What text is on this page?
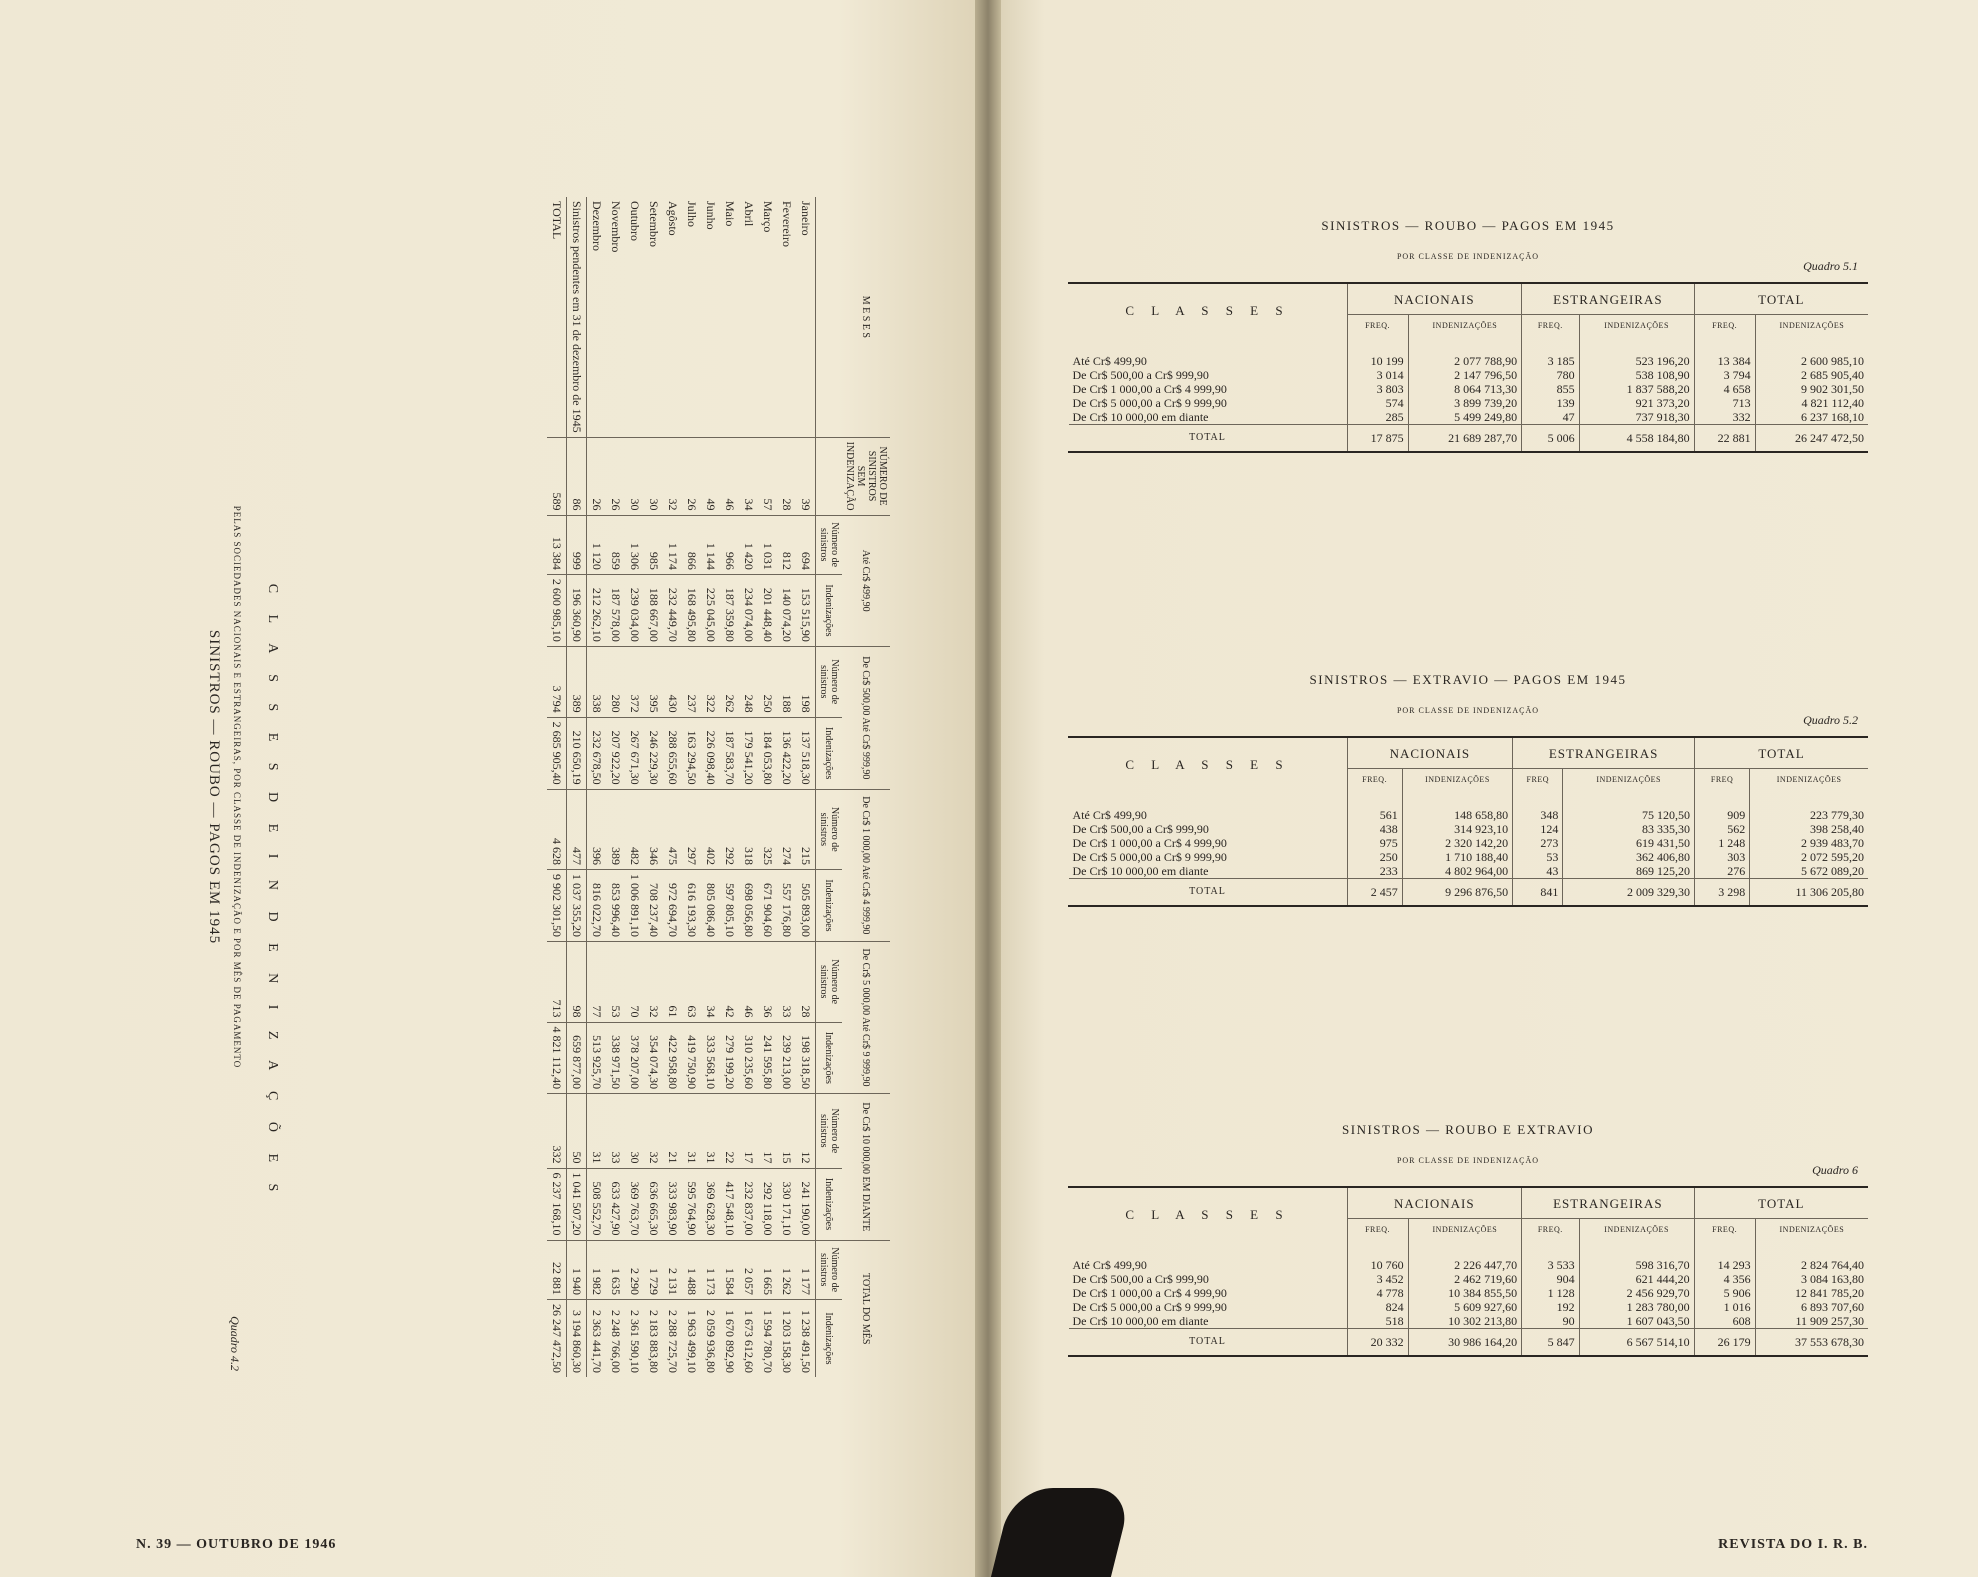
SINISTROS — ROUBO — PAGOS EM 1945 PELAS SOCIEDADES NACIONAIS E ESTRANGEIRAS, POR CLASSE DE INDENIZAÇÃO E POR MÊS DE PAGAMENTO
Quadro 4.2
C L A S S E S D E I N D E N I Z A Ç Õ E S
M E S E S	NÚMERO DE SINISTROS SEM INDENIZAÇÃO	Até Cr$ 499,90		De Cr$ 500,00 Até Cr$ 999,90		De Cr$ 1 000,00 Até Cr$ 4 999,90		De Cr$ 5 000,00 Até Cr$ 9 999,90		De Cr$ 10 000,00 EM DIANTE		TOTAL DO MÊS	
		Número de sinistros	Indenizações	Número de sinistros	Indenizações	Número de sinistros	Indenizações	Número de sinistros	Indenizações	Número de sinistros	Indenizações	Número de sinistros	Indenizações
Janeiro	39	694	153 515,90	198	137 518,30	215	505 893,00	28	198 318,50	12	241 190,00	1 177	1 238 491,50
Fevereiro	28	812	140 074,20	188	136 422,20	274	557 176,80	33	239 213,00	15	330 171,10	1 262	1 203 158,30
Março	57	1 031	201 448,40	250	184 053,80	325	671 904,60	36	241 595,80	17	292 118,00	1 665	1 594 780,70
Abril	34	1 420	234 074,00	248	179 541,20	318	698 056,80	46	310 235,60	17	232 837,00	2 057	1 673 612,60
Maio	46	966	187 359,80	262	187 583,70	292	597 805,10	42	279 199,20	22	417 548,10	1 584	1 670 892,90
Junho	49	1 144	225 045,00	322	226 098,40	402	805 086,40	34	333 568,10	31	369 628,30	1 173	2 059 936,80
Julho	26	866	168 495,80	237	163 294,50	297	616 193,30	63	419 750,90	31	595 764,90	1 488	1 963 499,10
Agôsto	32	1 174	232 449,70	430	288 655,60	475	972 694,70	61	422 958,80	21	333 983,90	2 131	2 288 725,70
Setembro	30	985	188 667,00	395	246 229,30	346	708 237,40	32	354 074,30	32	636 665,30	1 729	2 183 883,80
Outubro	30	1 306	239 034,00	372	267 671,30	482	1 006 891,10	70	378 207,00	30	369 763,70	2 290	2 361 590,10
Novembro	26	859	187 578,00	280	207 922,20	389	853 996,40	53	338 971,50	33	633 427,90	1 635	2 248 766,00
Dezembro	26	1 120	212 262,10	338	232 678,50	396	816 022,70	77	513 925,70	31	508 552,70	1 982	2 363 441,70
Sinistros pendentes em 31 de dezembro de 1945	86	999	196 360,90	389	210 650,19	477	1 037 355,20	98	659 877,00	50	1 041 507,20	1 940	3 194 860,30
TOTAL	589	13 384	2 600 985,10	3 794	2 685 905,40	4 628	9 902 301,50	713	4 821 112,40	332	6 237 168,10	22 881	26 247 472,50
SINISTROS — ROUBO — PAGOS EM 1945
POR CLASSE DE INDENIZAÇÃO
Quadro 5.1

C L A S S E S	NACIONAIS		ESTRANGEIRAS		TOTAL	
	FREQ.	INDENIZAÇÕES	FREQ.	INDENIZAÇÕES	FREQ.	INDENIZAÇÕES
Até Cr$ 499,90	10 199	2 077 788,90	3 185	523 196,20	13 384	2 600 985,10
De Cr$ 500,00 a Cr$ 999,90	3 014	2 147 796,50	780	538 108,90	3 794	2 685 905,40
De Cr$ 1 000,00 a Cr$ 4 999,90	3 803	8 064 713,30	855	1 837 588,20	4 658	9 902 301,50
De Cr$ 5 000,00 a Cr$ 9 999,90	574	3 899 739,20	139	921 373,20	713	4 821 112,40
De Cr$ 10 000,00 em diante	285	5 499 249,80	47	737 918,30	332	6 237 168,10
TOTAL	17 875	21 689 287,70	5 006	4 558 184,80	22 881	26 247 472,50

SINISTROS — EXTRAVIO — PAGOS EM 1945
POR CLASSE DE INDENIZAÇÃO
Quadro 5.2

C L A S S E S	NACIONAIS		ESTRANGEIRAS		TOTAL	
	FREQ.	INDENIZAÇÕES	FREQ	INDENIZAÇÕES	FREQ	INDENIZAÇÕES
Até Cr$ 499,90	561	148 658,80	348	75 120,50	909	223 779,30
De Cr$ 500,00 a Cr$ 999,90	438	314 923,10	124	83 335,30	562	398 258,40
De Cr$ 1 000,00 a Cr$ 4 999,90	975	2 320 142,20	273	619 431,50	1 248	2 939 483,70
De Cr$ 5 000,00 a Cr$ 9 999,90	250	1 710 188,40	53	362 406,80	303	2 072 595,20
De Cr$ 10 000,00 em diante	233	4 802 964,00	43	869 125,20	276	5 672 089,20
TOTAL	2 457	9 296 876,50	841	2 009 329,30	3 298	11 306 205,80

SINISTROS — ROUBO E EXTRAVIO
POR CLASSE DE INDENIZAÇÃO
Quadro 6

C L A S S E S	NACIONAIS		ESTRANGEIRAS		TOTAL	
	FREQ.	INDENIZAÇÕES	FREQ.	INDENIZAÇÕES	FREQ.	INDENIZAÇÕES
Até Cr$ 499,90	10 760	2 226 447,70	3 533	598 316,70	14 293	2 824 764,40
De Cr$ 500,00 a Cr$ 999,90	3 452	2 462 719,60	904	621 444,20	4 356	3 084 163,80
De Cr$ 1 000,00 a Cr$ 4 999,90	4 778	10 384 855,50	1 128	2 456 929,70	5 906	12 841 785,20
De Cr$ 5 000,00 a Cr$ 9 999,90	824	5 609 927,60	192	1 283 780,00	1 016	6 893 707,60
De Cr$ 10 000,00 em diante	518	10 302 213,80	90	1 607 043,50	608	11 909 257,30
TOTAL	20 332	30 986 164,20	5 847	6 567 514,10	26 179	37 553 678,30

N. 39 — OUTUBRO DE 1946	REVISTA DO I. R. B.
